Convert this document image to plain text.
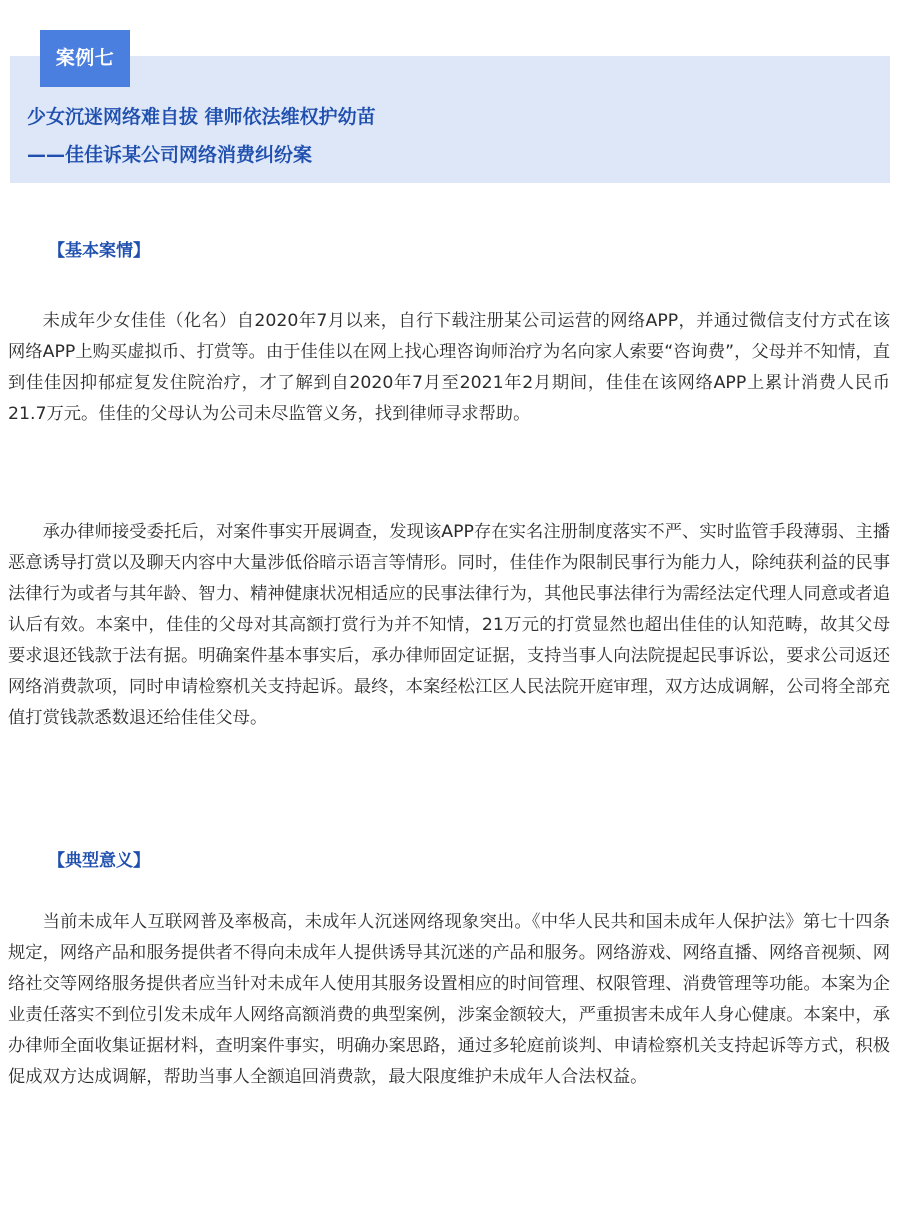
案例七
少女沉迷网络难自拔 律师依法维权护幼苗
——佳佳诉某公司网络消费纠纷案
【基本案情】

未成年少女佳佳（化名）自2020年7月以来，自行下载注册某公司运营的网络APP，并通过微信支付方式在该网络APP上购买虚拟币、打赏等。由于佳佳以在网上找心理咨询师治疗为名向家人索要“咨询费”，父母并不知情，直到佳佳因抑郁症复发住院治疗，才了解到自2020年7月至2021年2月期间，佳佳在该网络APP上累计消费人民币21.7万元。佳佳的父母认为公司未尽监管义务，找到律师寻求帮助。

承办律师接受委托后，对案件事实开展调查，发现该APP存在实名注册制度落实不严、实时监管手段薄弱、主播恶意诱导打赏以及聊天内容中大量涉低俗暗示语言等情形。同时，佳佳作为限制民事行为能力人，除纯获利益的民事法律行为或者与其年龄、智力、精神健康状况相适应的民事法律行为，其他民事法律行为需经法定代理人同意或者追认后有效。本案中，佳佳的父母对其高额打赏行为并不知情，21万元的打赏显然也超出佳佳的认知范畴，故其父母要求退还钱款于法有据。明确案件基本事实后，承办律师固定证据，支持当事人向法院提起民事诉讼，要求公司返还网络消费款项，同时申请检察机关支持起诉。最终，本案经松江区人民法院开庭审理，双方达成调解，公司将全部充值打赏钱款悉数退还给佳佳父母。

【典型意义】

当前未成年人互联网普及率极高，未成年人沉迷网络现象突出。《中华人民共和国未成年人保护法》第七十四条规定，网络产品和服务提供者不得向未成年人提供诱导其沉迷的产品和服务。网络游戏、网络直播、网络音视频、网络社交等网络服务提供者应当针对未成年人使用其服务设置相应的时间管理、权限管理、消费管理等功能。本案为企业责任落实不到位引发未成年人网络高额消费的典型案例，涉案金额较大，严重损害未成年人身心健康。本案中，承办律师全面收集证据材料，查明案件事实，明确办案思路，通过多轮庭前谈判、申请检察机关支持起诉等方式，积极促成双方达成调解，帮助当事人全额追回消费款，最大限度维护未成年人合法权益。
